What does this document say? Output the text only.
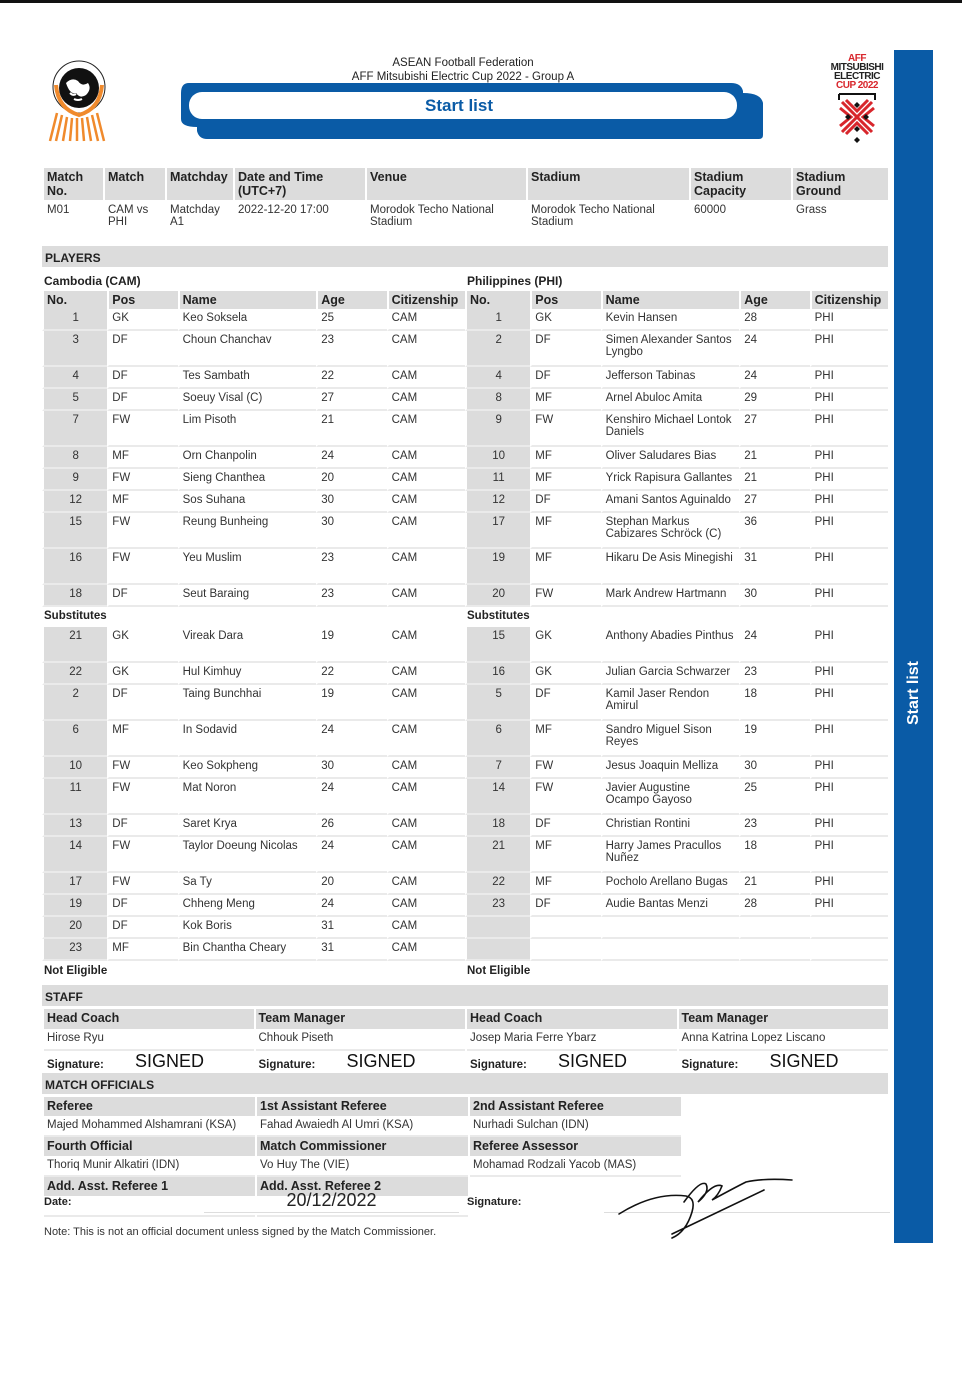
ASEAN Football Federation
AFF Mitsubishi Electric Cup 2022 - Group A
Start list
AFF
MITSUBISHI
ELECTRIC
CUP 2022
Start list
Match No.	Match	Matchday	Date and Time (UTC+7)	Venue	Stadium	Stadium Capacity	Stadium Ground
M01	CAM vs PHI	Matchday A1	2022-12-20 17:00	Morodok Techo National Stadium	Morodok Techo National Stadium	60000	Grass
PLAYERS
Cambodia (CAM)
No.	Pos	Name	Age	Citizenship
1	GK	Keo Soksela	25	CAM
3	DF	Choun Chanchav	23	CAM
4	DF	Tes Sambath	22	CAM
5	DF	Soeuy Visal (C)	27	CAM
7	FW	Lim Pisoth	21	CAM
8	MF	Orn Chanpolin	24	CAM
9	FW	Sieng Chanthea	20	CAM
12	MF	Sos Suhana	30	CAM
15	FW	Reung Bunheing	30	CAM
16	FW	Yeu Muslim	23	CAM
18	DF	Seut Baraing	23	CAM
Substitutes
21	GK	Vireak Dara	19	CAM
22	GK	Hul Kimhuy	22	CAM
2	DF	Taing Bunchhai	19	CAM
6	MF	In Sodavid	24	CAM
10	FW	Keo Sokpheng	30	CAM
11	FW	Mat Noron	24	CAM
13	DF	Saret Krya	26	CAM
14	FW	Taylor Doeung Nicolas	24	CAM
17	FW	Sa Ty	20	CAM
19	DF	Chheng Meng	24	CAM
20	DF	Kok Boris	31	CAM
23	MF	Bin Chantha Cheary	31	CAM
Not Eligible
Philippines (PHI)
No.	Pos	Name	Age	Citizenship
1	GK	Kevin Hansen	28	PHI
2	DF	Simen Alexander Santos Lyngbo	24	PHI
4	DF	Jefferson Tabinas	24	PHI
8	MF	Arnel Abuloc Amita	29	PHI
9	FW	Kenshiro Michael Lontok Daniels	27	PHI
10	MF	Oliver Saludares Bias	21	PHI
11	MF	Yrick Rapisura Gallantes	21	PHI
12	DF	Amani Santos Aguinaldo	27	PHI
17	MF	Stephan Markus Cabizares Schröck (C)	36	PHI
19	MF	Hikaru De Asis Minegishi	31	PHI
20	FW	Mark Andrew Hartmann	30	PHI
Substitutes
15	GK	Anthony Abadies Pinthus	24	PHI
16	GK	Julian Garcia Schwarzer	23	PHI
5	DF	Kamil Jaser Rendon Amirul	18	PHI
6	MF	Sandro Miguel Sison Reyes	19	PHI
7	FW	Jesus Joaquin Melliza	30	PHI
14	FW	Javier Augustine Ocampo Gayoso	25	PHI
18	DF	Christian Rontini	23	PHI
21	MF	Harry James Pracullos Nuñez	18	PHI
22	MF	Pocholo Arellano Bugas	21	PHI
23	DF	Audie Bantas Menzi	28	PHI

Not Eligible
STAFF
Head Coach
Hirose Ryu
Signature:	SIGNED
Team Manager
Chhouk Piseth
Signature:	SIGNED
Head Coach
Josep Maria Ferre Ybarz
Signature:	SIGNED
Team Manager
Anna Katrina Lopez Liscano
Signature:	SIGNED
MATCH OFFICIALS
Referee
Majed Mohammed Alshamrani (KSA)
1st Assistant Referee
Fahad Awaiedh Al Umri (KSA)
2nd Assistant Referee
Nurhadi Sulchan (IDN)
Fourth Official
Thoriq Munir Alkatiri (IDN)
Match Commissioner
Vo Huy The (VIE)
Referee Assessor
Mohamad Rodzali Yacob (MAS)
Add. Asst. Referee 1	Add. Asst. Referee 2
Date:	20/12/2022	Signature:
Note: This is not an official document unless signed by the Match Commissioner.
